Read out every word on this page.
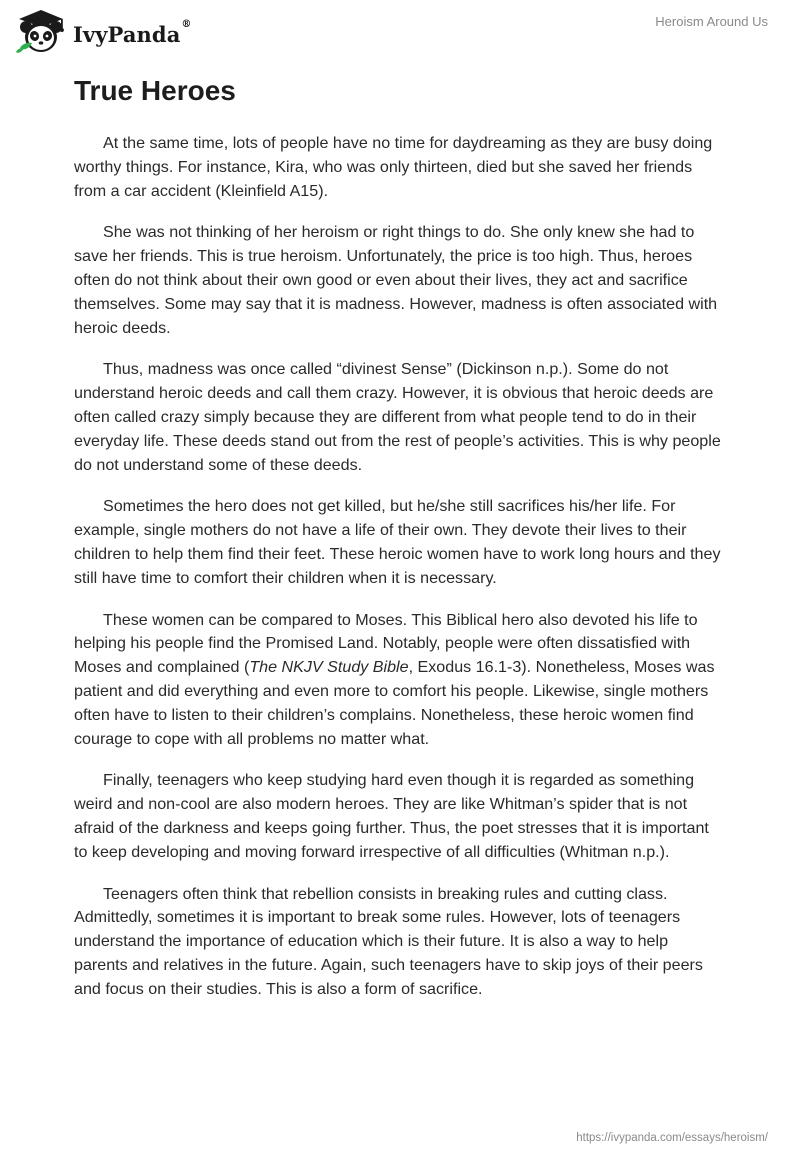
IvyPanda®	Heroism Around Us
True Heroes

At the same time, lots of people have no time for daydreaming as they are busy doing worthy things. For instance, Kira, who was only thirteen, died but she saved her friends from a car accident (Kleinfield A15).

She was not thinking of her heroism or right things to do. She only knew she had to save her friends. This is true heroism. Unfortunately, the price is too high. Thus, heroes often do not think about their own good or even about their lives, they act and sacrifice themselves. Some may say that it is madness. However, madness is often associated with heroic deeds.

Thus, madness was once called “divinest Sense” (Dickinson n.p.). Some do not understand heroic deeds and call them crazy. However, it is obvious that heroic deeds are often called crazy simply because they are different from what people tend to do in their everyday life. These deeds stand out from the rest of people’s activities. This is why people do not understand some of these deeds.

Sometimes the hero does not get killed, but he/she still sacrifices his/her life. For example, single mothers do not have a life of their own. They devote their lives to their children to help them find their feet. These heroic women have to work long hours and they still have time to comfort their children when it is necessary.

These women can be compared to Moses. This Biblical hero also devoted his life to helping his people find the Promised Land. Notably, people were often dissatisfied with Moses and complained (The NKJV Study Bible, Exodus 16.1-3). Nonetheless, Moses was patient and did everything and even more to comfort his people. Likewise, single mothers often have to listen to their children’s complains. Nonetheless, these heroic women find courage to cope with all problems no matter what.

Finally, teenagers who keep studying hard even though it is regarded as something weird and non-cool are also modern heroes. They are like Whitman’s spider that is not afraid of the darkness and keeps going further. Thus, the poet stresses that it is important to keep developing and moving forward irrespective of all difficulties (Whitman n.p.).

Teenagers often think that rebellion consists in breaking rules and cutting class. Admittedly, sometimes it is important to break some rules. However, lots of teenagers understand the importance of education which is their future. It is also a way to help parents and relatives in the future. Again, such teenagers have to skip joys of their peers and focus on their studies. This is also a form of sacrifice.

https://ivypanda.com/essays/heroism/
